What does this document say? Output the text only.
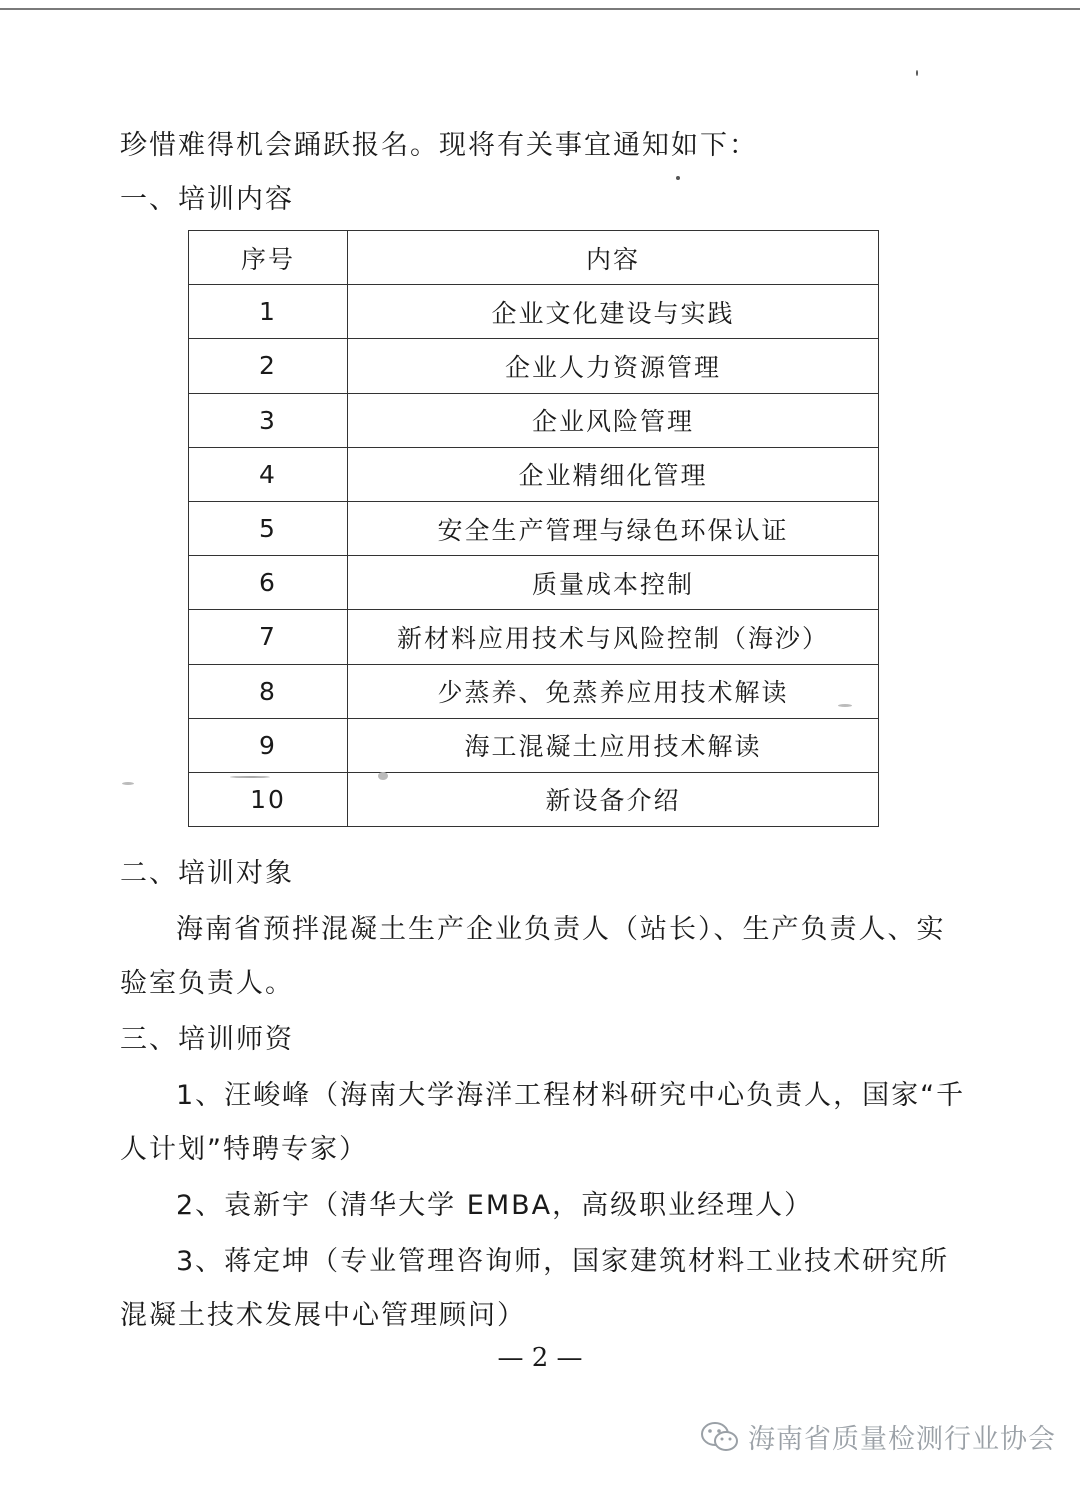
珍惜难得机会踊跃报名。现将有关事宜通知如下：
一、培训内容
序号	内容
1	企业文化建设与实践
2	企业人力资源管理
3	企业风险管理
4	企业精细化管理
5	安全生产管理与绿色环保认证
6	质量成本控制
7	新材料应用技术与风险控制（海沙）
8	少蒸养、免蒸养应用技术解读
9	海工混凝土应用技术解读
10	新设备介绍
二、培训对象
海南省预拌混凝土生产企业负责人（站长）、生产负责人、实
验室负责人。
三、培训师资
1、汪峻峰（海南大学海洋工程材料研究中心负责人，国家“千
人计划”特聘专家）
2、袁新宇（清华大学 EMBA，高级职业经理人）
3、蒋定坤（专业管理咨询师，国家建筑材料工业技术研究所
混凝土技术发展中心管理顾问）
— 2 —
海南省质量检测行业协会
